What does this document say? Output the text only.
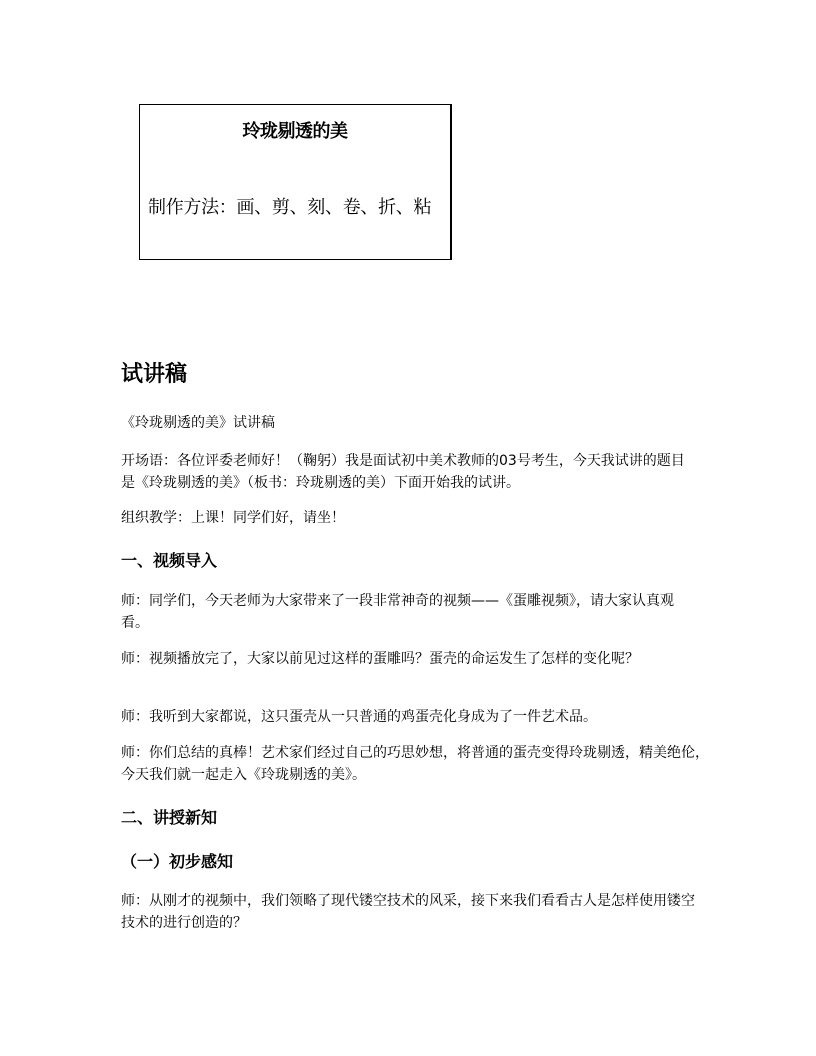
玲珑剔透的美
制作方法：画、剪、刻、卷、折、粘
试讲稿

《玲珑剔透的美》试讲稿

开场语：各位评委老师好！（鞠躬）我是面试初中美术教师的03号考生，今天我试讲的题目是《玲珑剔透的美》（板书：玲珑剔透的美）下面开始我的试讲。

组织教学：上课！同学们好，请坐！

一、视频导入

师：同学们，今天老师为大家带来了一段非常神奇的视频——《蛋雕视频》，请大家认真观看。

师：视频播放完了，大家以前见过这样的蛋雕吗？蛋壳的命运发生了怎样的变化呢？

师：我听到大家都说，这只蛋壳从一只普通的鸡蛋壳化身成为了一件艺术品。

师：你们总结的真棒！艺术家们经过自己的巧思妙想，将普通的蛋壳变得玲珑剔透，精美绝伦，今天我们就一起走入《玲珑剔透的美》。

二、讲授新知
（一）初步感知

师：从刚才的视频中，我们领略了现代镂空技术的风采，接下来我们看看古人是怎样使用镂空技术的进行创造的？
